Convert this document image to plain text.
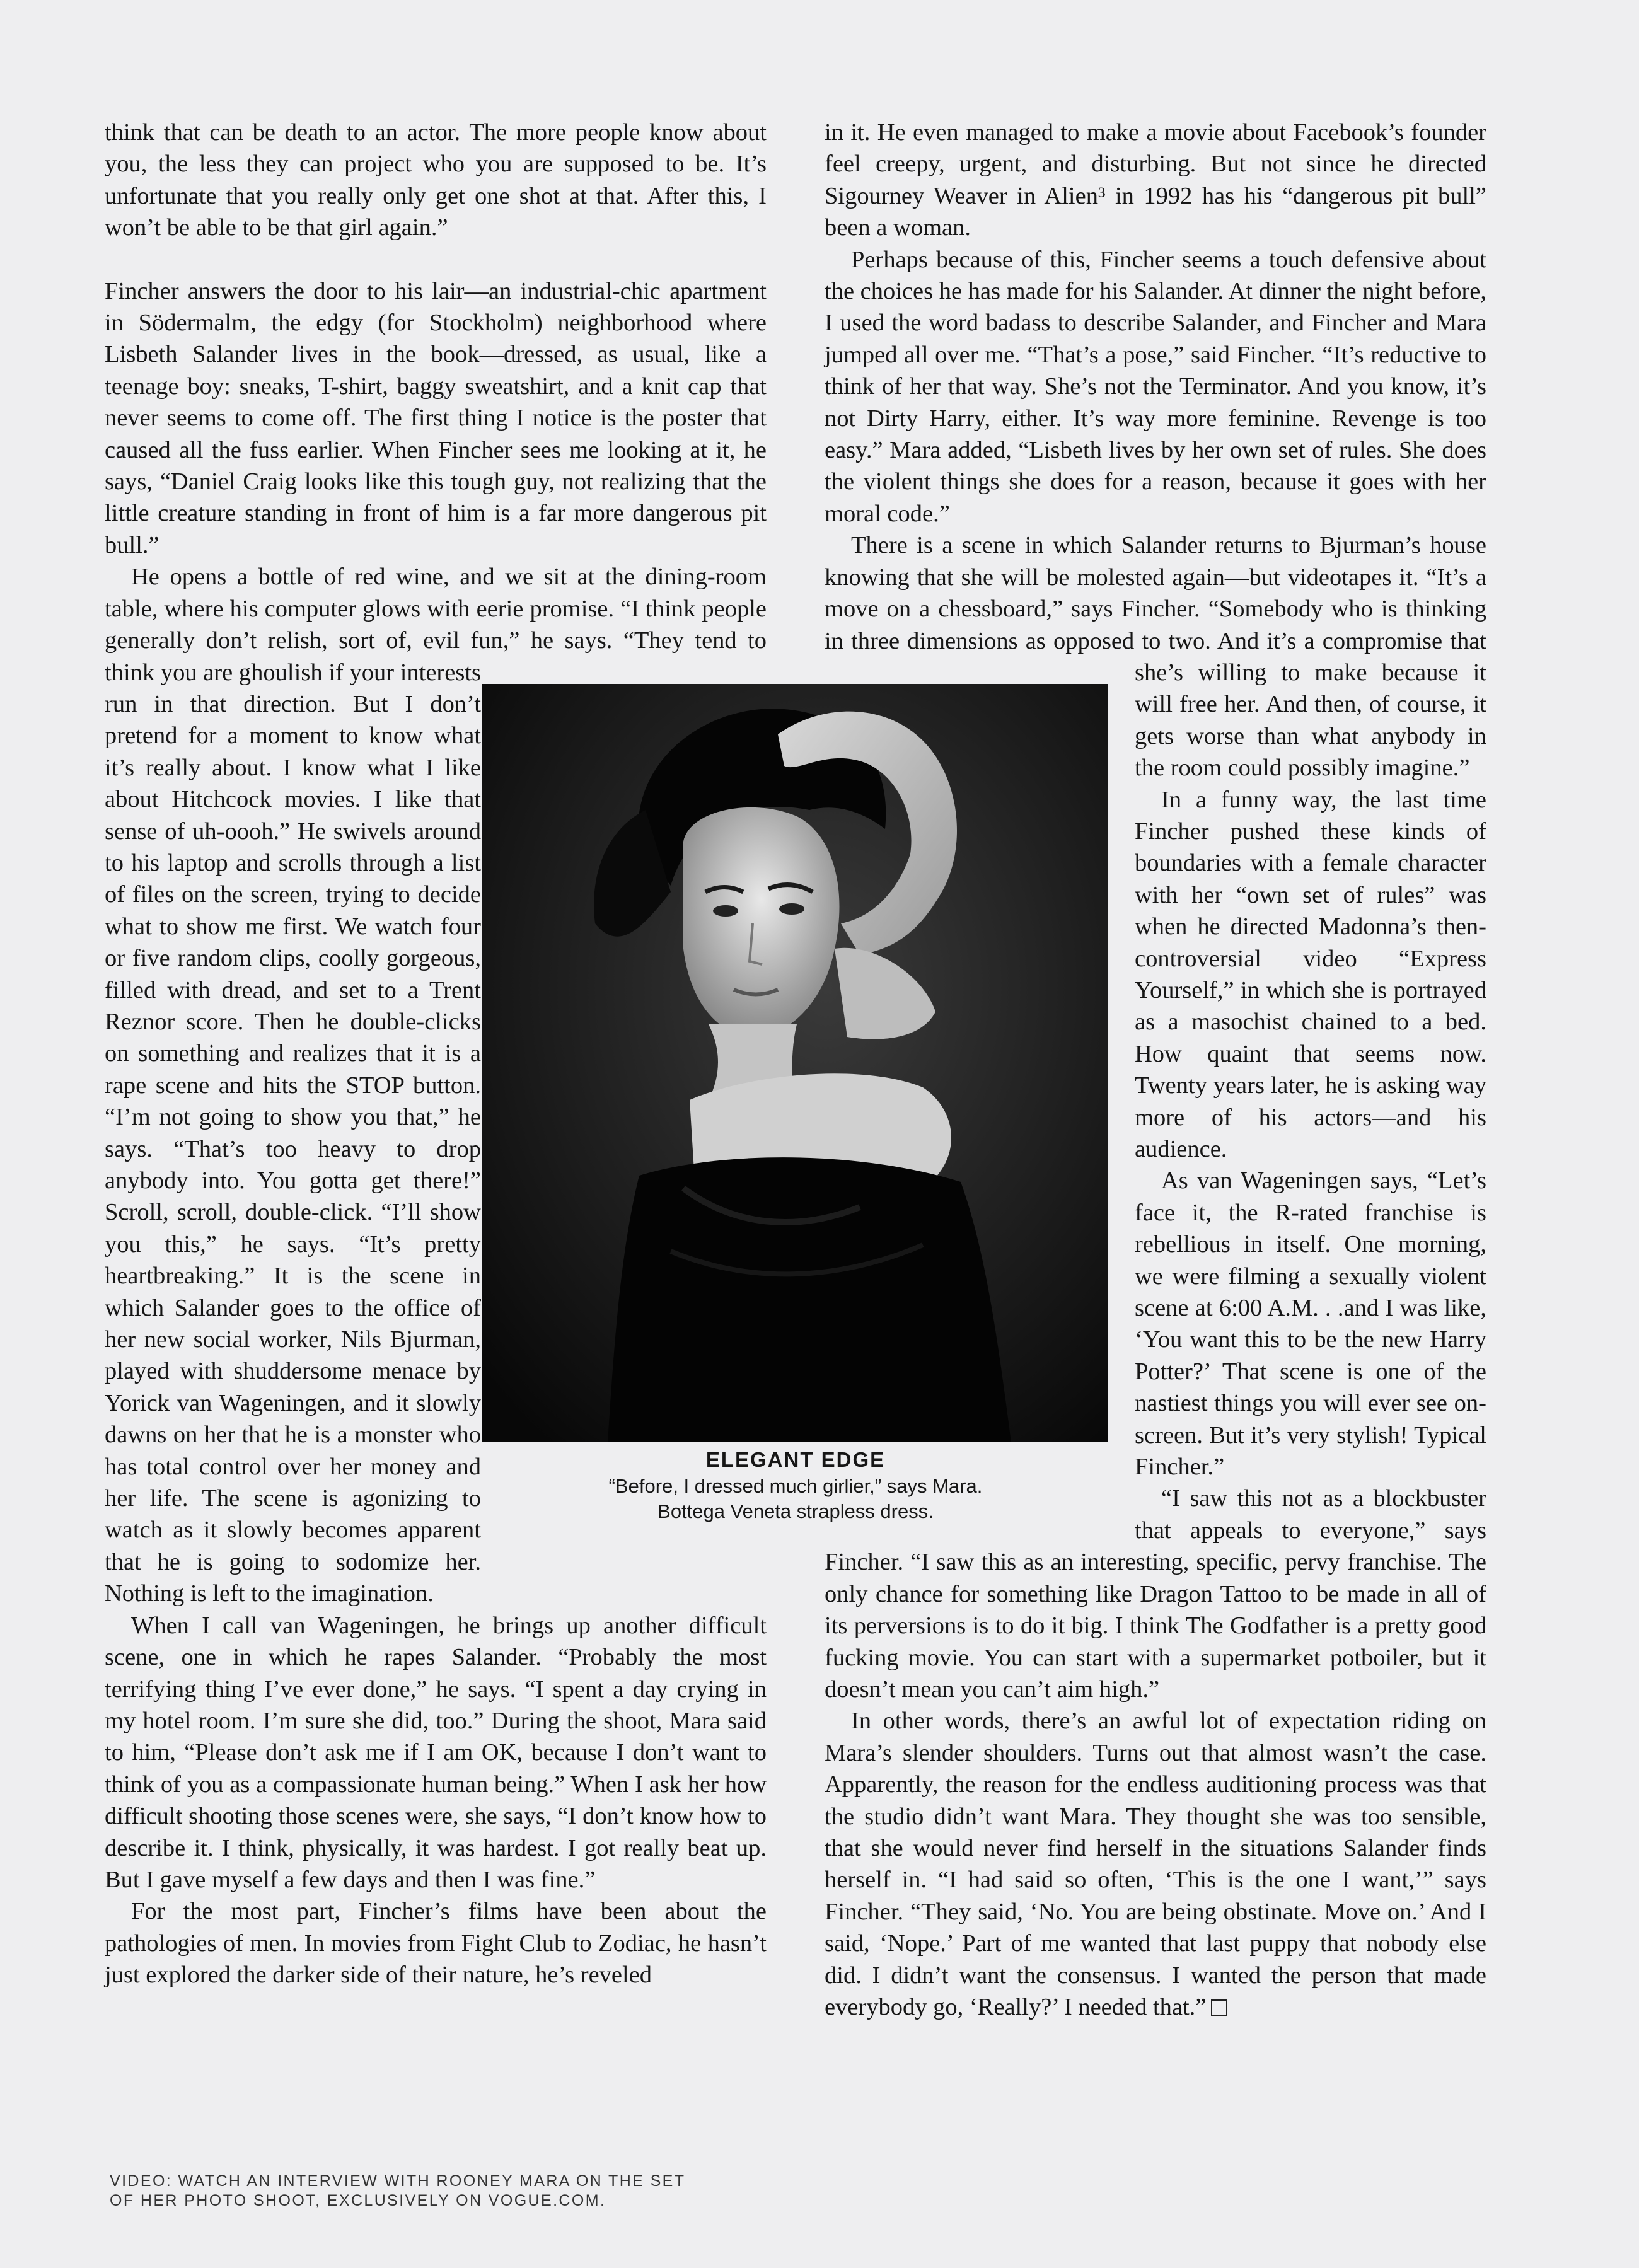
think that can be death to an actor. The more people know about you, the less they can project who you are supposed to be. It’s unfortunate that you really only get one shot at that. After this, I won’t be able to be that girl again.”

Fincher answers the door to his lair—an industrial-chic apartment in Södermalm, the edgy (for Stockholm) neighborhood where Lisbeth Salander lives in the book—dressed, as usual, like a teenage boy: sneaks, T-shirt, baggy sweatshirt, and a knit cap that never seems to come off. The first thing I notice is the poster that caused all the fuss earlier. When Fincher sees me looking at it, he says, “Daniel Craig looks like this tough guy, not realizing that the little creature standing in front of him is a far more dangerous pit bull.”

He opens a bottle of red wine, and we sit at the dining-room table, where his computer glows with eerie promise. “I think people generally don’t relish, sort of, evil fun,” he says. “They tend to think you are ghoulish if your interests run in that direction. But I don’t pretend for a moment to know what it’s really about. I know what I like about Hitchcock movies. I like that sense of uh-oooh.” He swivels around to his laptop and scrolls through a list of files on the screen, trying to decide what to show me first. We watch four or five random clips, coolly gorgeous, filled with dread, and set to a Trent Reznor score. Then he double-clicks on something and realizes that it is a rape scene and hits the STOP button. “I’m not going to show you that,” he says. “That’s too heavy to drop anybody into. You gotta get there!” Scroll, scroll, double-click. “I’ll show you this,” he says. “It’s pretty heartbreaking.” It is the scene in which Salander goes to the office of her new social worker, Nils Bjurman, played with shuddersome menace by Yorick van Wageningen, and it slowly dawns on her that he is a monster who has total control over her money and her life. The scene is agonizing to watch as it slowly becomes apparent that he is going to sodomize her. Nothing is left to the imagination.

When I call van Wageningen, he brings up another difficult scene, one in which he rapes Salander. “Probably the most terrifying thing I’ve ever done,” he says. “I spent a day crying in my hotel room. I’m sure she did, too.” During the shoot, Mara said to him, “Please don’t ask me if I am OK, because I don’t want to think of you as a compassionate human being.” When I ask her how difficult shooting those scenes were, she says, “I don’t know how to describe it. I think, physically, it was hardest. I got really beat up. But I gave myself a few days and then I was fine.”

For the most part, Fincher’s films have been about the pathologies of men. In movies from Fight Club to Zodiac, he hasn’t just explored the darker side of their nature, he’s reveled

in it. He even managed to make a movie about Facebook’s founder feel creepy, urgent, and disturbing. But not since he directed Sigourney Weaver in Alien³ in 1992 has his “dangerous pit bull” been a woman.

Perhaps because of this, Fincher seems a touch defensive about the choices he has made for his Salander. At dinner the night before, I used the word badass to describe Salander, and Fincher and Mara jumped all over me. “That’s a pose,” said Fincher. “It’s reductive to think of her that way. She’s not the Terminator. And you know, it’s not Dirty Harry, either. It’s way more feminine. Revenge is too easy.” Mara added, “Lisbeth lives by her own set of rules. She does the violent things she does for a reason, because it goes with her moral code.”

There is a scene in which Salander returns to Bjurman’s house knowing that she will be molested again—but videotapes it. “It’s a move on a chessboard,” says Fincher. “Somebody who is thinking in three dimensions as opposed to two. And it’s a compromise that she’s willing to make because it will free her. And then, of course, it gets worse than what anybody in the room could possibly imagine.”

In a funny way, the last time Fincher pushed these kinds of boundaries with a female character with her “own set of rules” was when he directed Madonna’s then-controversial video “Express Yourself,” in which she is portrayed as a masochist chained to a bed. How quaint that seems now. Twenty years later, he is asking way more of his actors—and his audience.

As van Wageningen says, “Let’s face it, the R-rated franchise is rebellious in itself. One morning, we were filming a sexually violent scene at 6:00 A.M. . .and I was like, ‘You want this to be the new Harry Potter?’ That scene is one of the nastiest things you will ever see on-screen. But it’s very stylish! Typical Fincher.”

“I saw this not as a blockbuster that appeals to everyone,” says Fincher. “I saw this as an interesting, specific, pervy franchise. The only chance for something like Dragon Tattoo to be made in all of its perversions is to do it big. I think The Godfather is a pretty good fucking movie. You can start with a supermarket potboiler, but it doesn’t mean you can’t aim high.”

In other words, there’s an awful lot of expectation riding on Mara’s slender shoulders. Turns out that almost wasn’t the case. Apparently, the reason for the endless auditioning process was that the studio didn’t want Mara. They thought she was too sensible, that she would never find herself in the situations Salander finds herself in. “I had said so often, ‘This is the one I want,’” says Fincher. “They said, ‘No. You are being obstinate. Move on.’ And I said, ‘Nope.’ Part of me wanted that last puppy that nobody else did. I didn’t want the consensus. I wanted the person that made everybody go, ‘Really?’ I needed that.”

ELEGANT EDGE
“Before, I dressed much girlier,” says Mara.
Bottega Veneta strapless dress.
VIDEO: WATCH AN INTERVIEW WITH ROONEY MARA ON THE SET
OF HER PHOTO SHOOT, EXCLUSIVELY ON VOGUE.COM.
